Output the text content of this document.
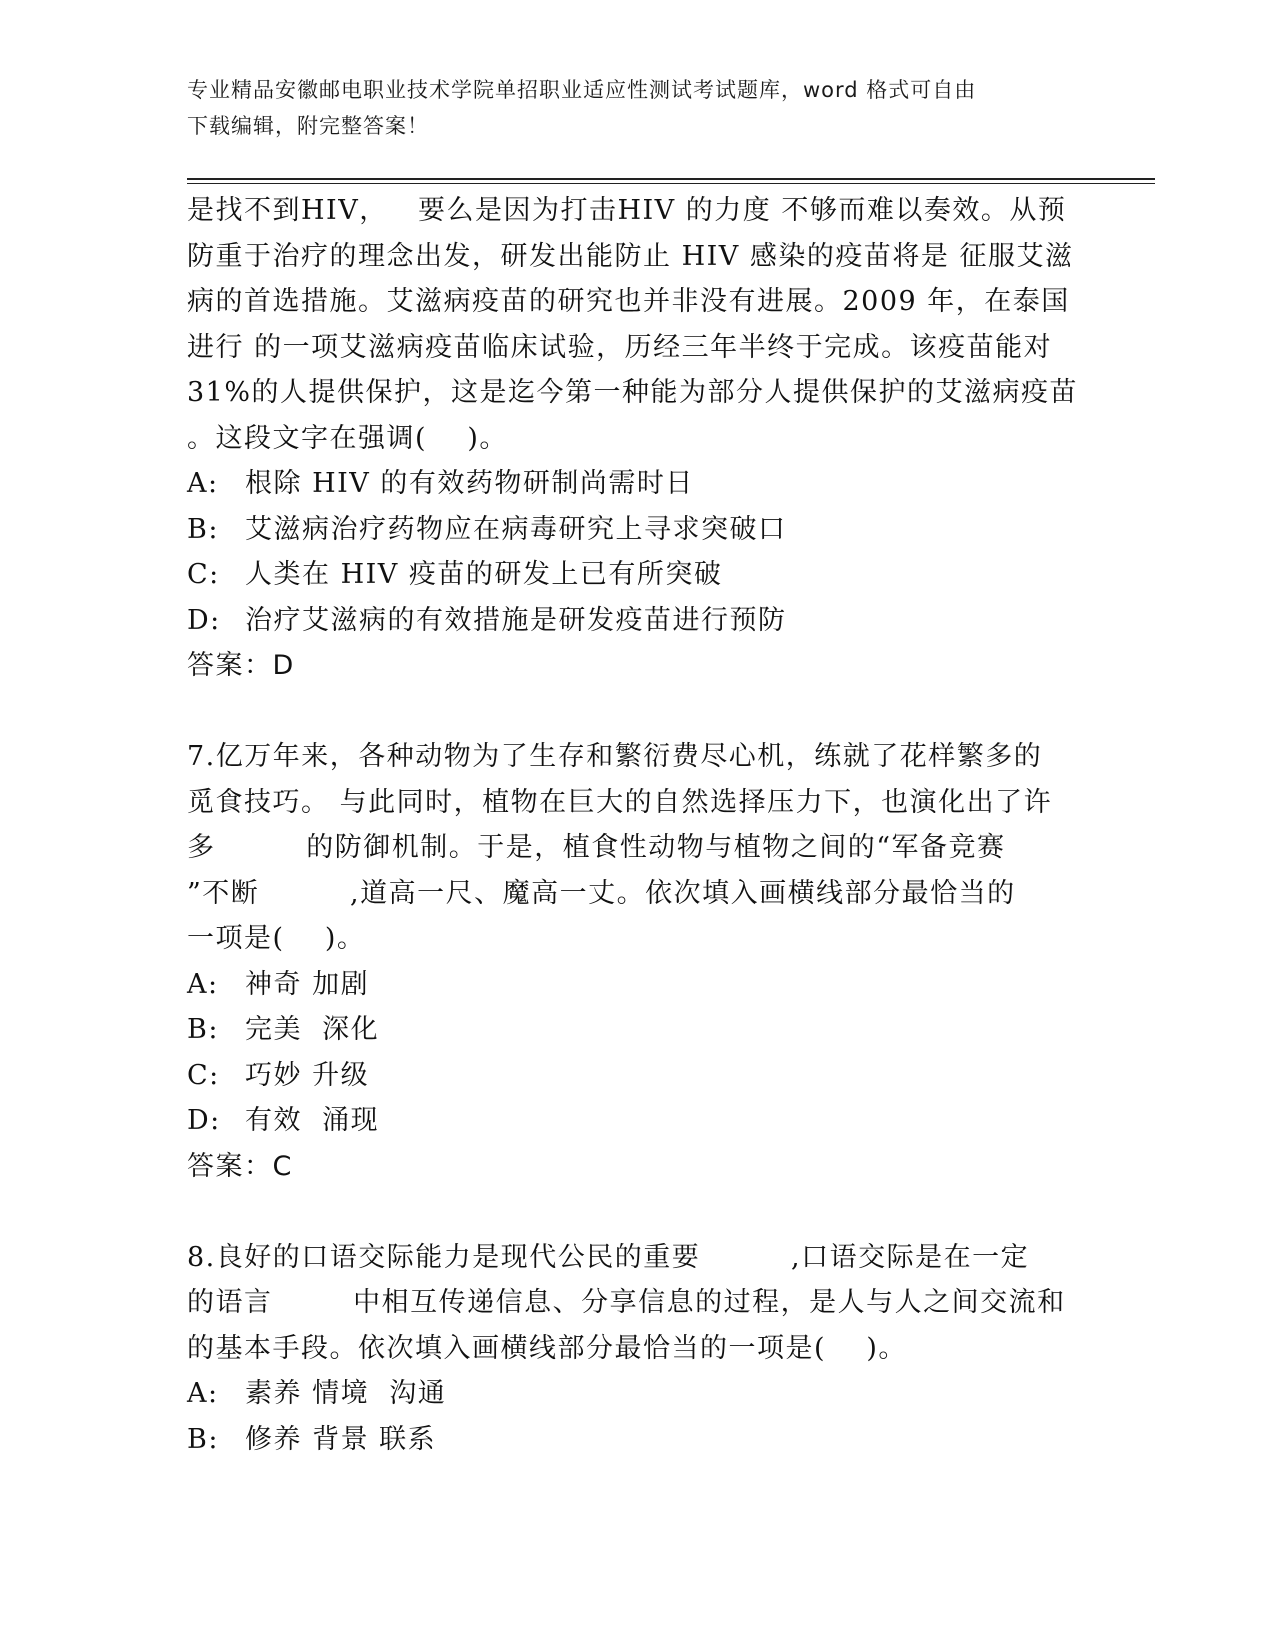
专业精品安徽邮电职业技术学院单招职业适应性测试考试题库，word 格式可自由
下载编辑，附完整答案！

是找不到HIV，   要么是因为打击HIV 的力度 不够而难以奏效。从预

防重于治疗的理念出发，研发出能防止 HIV 感染的疫苗将是 征服艾滋

病的首选措施。艾滋病疫苗的研究也并非没有进展。2009 年，在泰国

进行 的一项艾滋病疫苗临床试验，历经三年半终于完成。该疫苗能对

31%的人提供保护，这是迄今第一种能为部分人提供保护的艾滋病疫苗

。这段文字在强调(    )。

A: 根除 HIV 的有效药物研制尚需时日

B: 艾滋病治疗药物应在病毒研究上寻求突破口

C: 人类在 HIV 疫苗的研发上已有所突破

D: 治疗艾滋病的有效措施是研发疫苗进行预防

答案：D

7.亿万年来，各种动物为了生存和繁衍费尽心机，练就了花样繁多的

觅食技巧。 与此同时，植物在巨大的自然选择压力下，也演化出了许

多         的防御机制。于是，植食性动物与植物之间的“军备竞赛

”不断         ,道高一尺、魔高一丈。依次填入画横线部分最恰当的

一项是(    )。

A: 神奇 加剧

B: 完美  深化

C: 巧妙 升级

D: 有效  涌现

答案：C

8.良好的口语交际能力是现代公民的重要         ,口语交际是在一定

的语言        中相互传递信息、分享信息的过程，是人与人之间交流和

的基本手段。依次填入画横线部分最恰当的一项是(    )。

A: 素养 情境  沟通

B: 修养 背景 联系
